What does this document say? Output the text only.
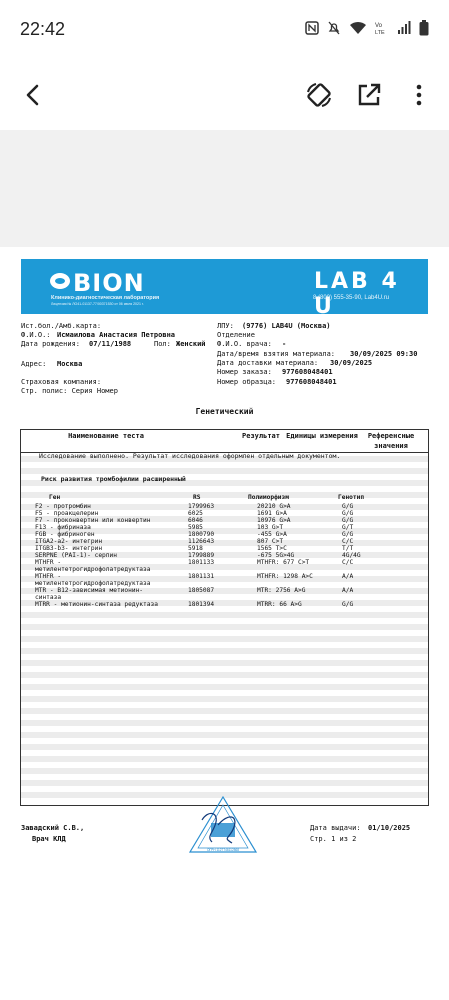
22:42	Vo
LTE
BION
Клинико-диагностическая лаборатория
Лицензия № ЛО41-01137-77/00371530 от 06 июля 2021 г.
LAB 4 U
8 (800) 555-35-90, Lab4U.ru
Ист.бол./Амб.карта:
Ф.И.О.: Исмаилова Анастасия Петровна
Дата рождения: 07/11/1988	Пол: Женский
Адрес: Москва
Страховая компания:
Стр. полис: Серия Номер
ЛПУ: (9776) LAB4U (Москва)
Отделение
Ф.И.О. врача: -
Дата/время взятия материала: 30/09/2025 09:30
Дата доставки материала: 30/09/2025
Номер заказа: 977608048401
Номер образца: 977608048401
Генетический
Наименование теста	Результат Единицы измерения	Референсные значения
Исследование выполнено. Результат исследования оформлен отдельным документом.
Риск развития тромбофилии расширенный
Ген	RS	Полиморфизм	Генотип
F2 - протромбин	1799963	20210 G>A	G/G
F5 - проакцелерин	6025	1691 G>A	G/G
F7 - проконвертин или конвертин	6046	10976 G>A	G/G
F13 - фибриназа	5985	103 G>T	G/T
FGB - фибриноген	1800790	-455 G>A	G/G
ITGA2-a2- интегрин	1126643	807 C>T	C/C
ITGB3-b3- интегрин	5918	1565 T>C	T/T
SERPNE (PAI-1)- серпин	1799889	-675 5G>4G	4G/4G
MTHFR -	1801133	MTHFR: 677 C>T	C/C
метилентетрогидрофолатредуктаза
MTHFR -	1801131	MTHFR: 1298 A>C	A/A
метилентетрогидрофолатредуктаза
MTR - B12-зависимая метионин-	1805087	MTR: 2756 A>G	A/A
синтаза
MTRR - метионин-синтаза редуктаза	1801394	MTRR: 66 A>G	G/G
Завадский С.В.,
Врач КЛД
Дата выдачи: 01/10/2025
Стр. 1 из 2
ОГРН 1127746112868
